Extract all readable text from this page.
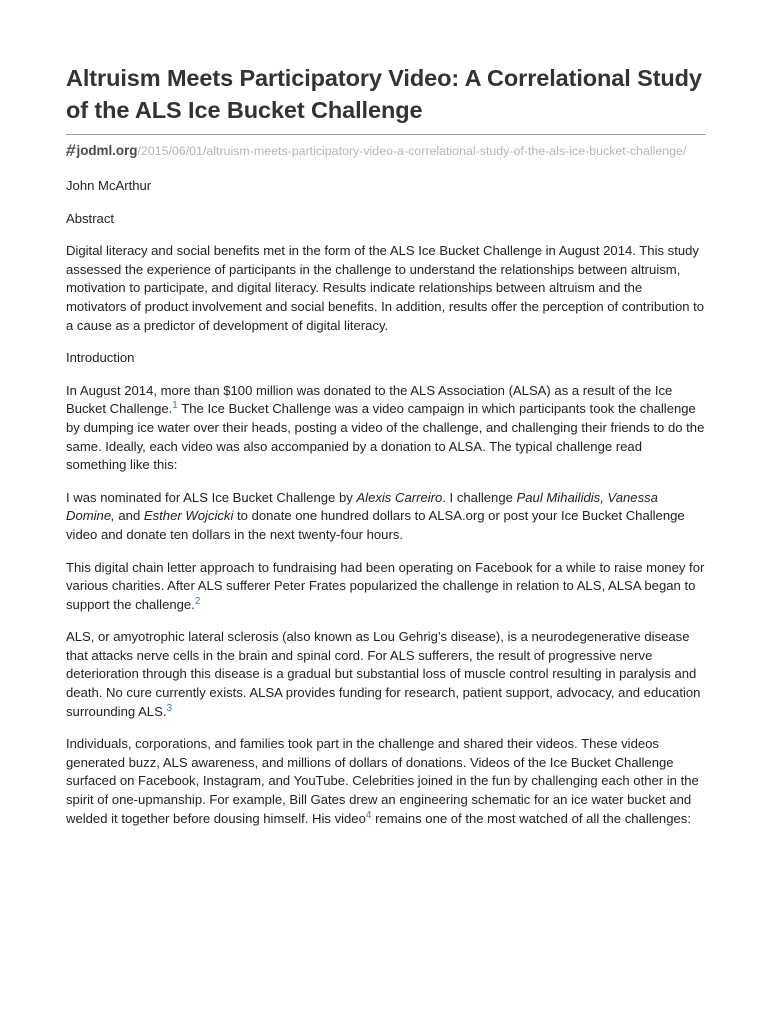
Altruism Meets Participatory Video: A Correlational Study of the ALS Ice Bucket Challenge
#jodml.org/2015/06/01/altruism-meets-participatory-video-a-correlational-study-of-the-als-ice-bucket-challenge/
John McArthur
Abstract

Digital literacy and social benefits met in the form of the ALS Ice Bucket Challenge in August 2014. This study assessed the experience of participants in the challenge to understand the relationships between altruism, motivation to participate, and digital literacy. Results indicate relationships between altruism and the motivators of product involvement and social benefits. In addition, results offer the perception of contribution to a cause as a predictor of development of digital literacy.

Introduction

In August 2014, more than $100 million was donated to the ALS Association (ALSA) as a result of the Ice Bucket Challenge.$^1$ The Ice Bucket Challenge was a video campaign in which participants took the challenge by dumping ice water over their heads, posting a video of the challenge, and challenging their friends to do the same. Ideally, each video was also accompanied by a donation to ALSA. The typical challenge read something like this:

I was nominated for ALS Ice Bucket Challenge by Alexis Carreiro. I challenge Paul Mihailidis, Vanessa Domine, and Esther Wojcicki to donate one hundred dollars to ALSA.org or post your Ice Bucket Challenge video and donate ten dollars in the next twenty-four hours.

This digital chain letter approach to fundraising had been operating on Facebook for a while to raise money for various charities. After ALS sufferer Peter Frates popularized the challenge in relation to ALS, ALSA began to support the challenge.$^2$

ALS, or amyotrophic lateral sclerosis (also known as Lou Gehrig’s disease), is a neurodegenerative disease that attacks nerve cells in the brain and spinal cord. For ALS sufferers, the result of progressive nerve deterioration through this disease is a gradual but substantial loss of muscle control resulting in paralysis and death. No cure currently exists. ALSA provides funding for research, patient support, advocacy, and education surrounding ALS.$^3$

Individuals, corporations, and families took part in the challenge and shared their videos. These videos generated buzz, ALS awareness, and millions of dollars of donations. Videos of the Ice Bucket Challenge surfaced on Facebook, Instagram, and YouTube. Celebrities joined in the fun by challenging each other in the spirit of one-upmanship. For example, Bill Gates drew an engineering schematic for an ice water bucket and welded it together before dousing himself. His video$^4$ remains one of the most watched of all the challenges:
